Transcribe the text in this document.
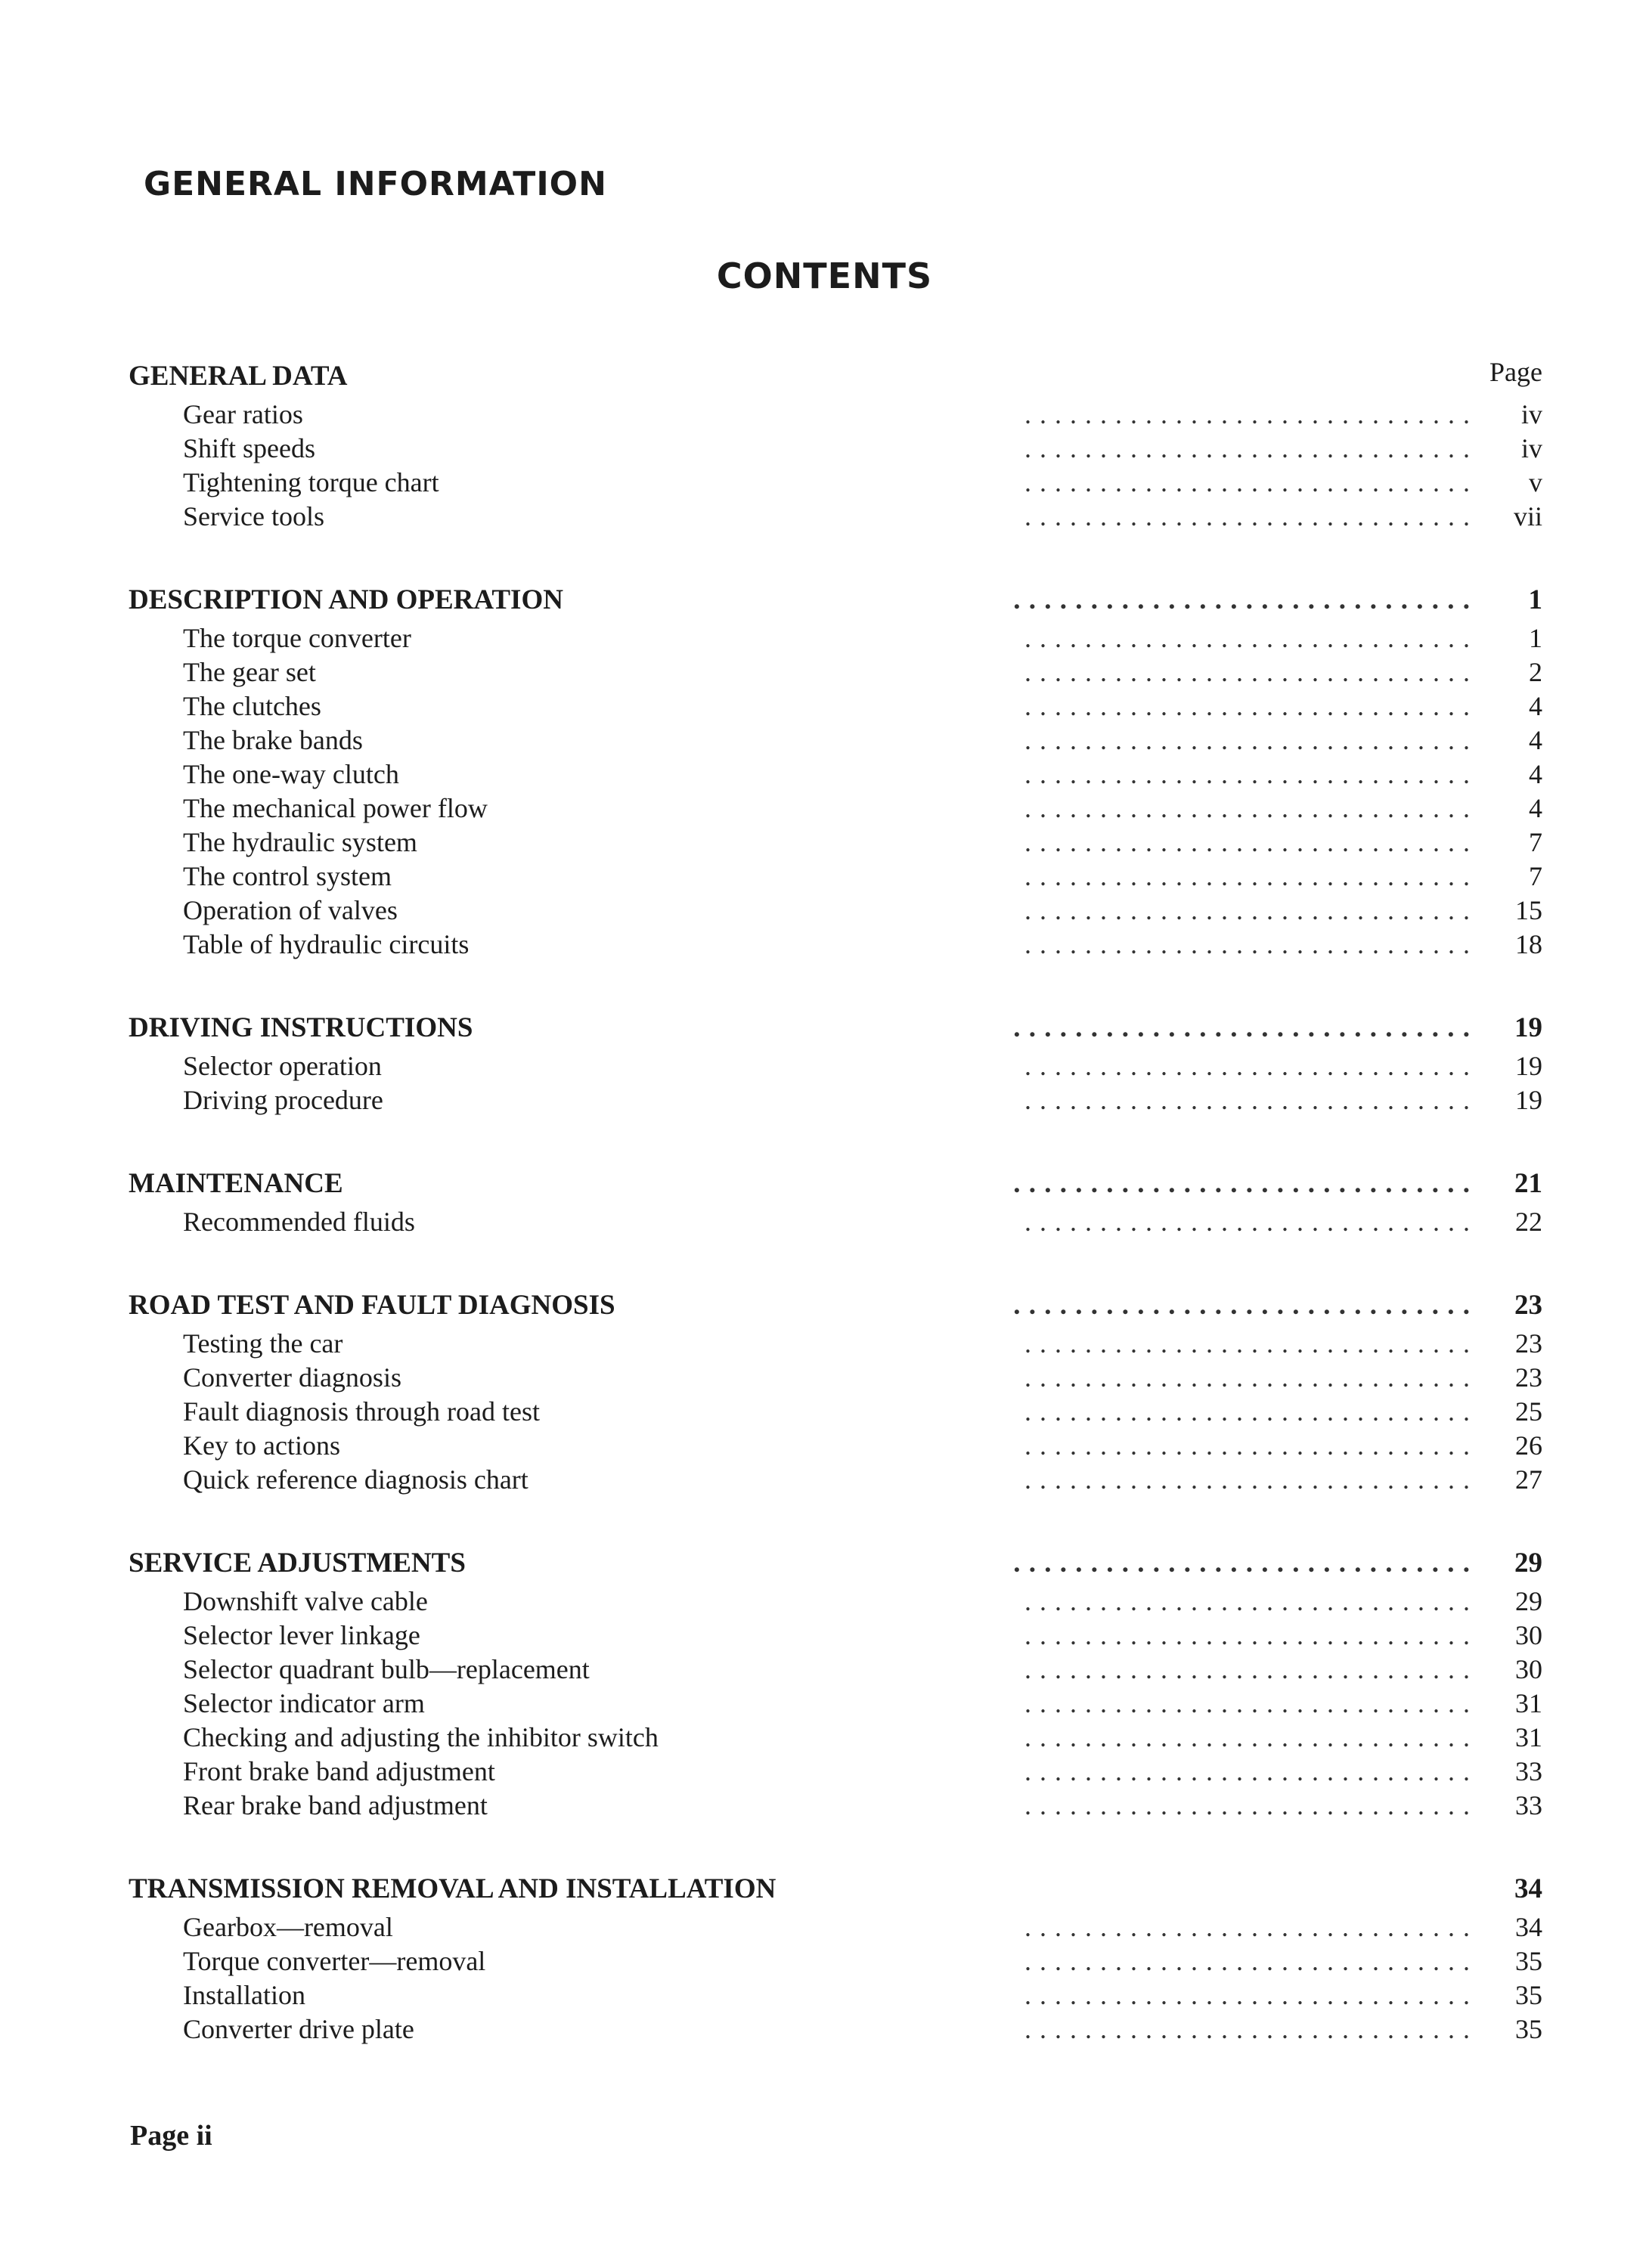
GENERAL INFORMATION
CONTENTS
Page
GENERAL DATA
Gear ratios	. . . . . . . . . . . . . . . . . . . . . . . . . . . . . .	iv
Shift speeds	. . . . . . . . . . . . . . . . . . . . . . . . . . . . . .	iv
Tightening torque chart	. . . . . . . . . . . . . . . . . . . . . . . . . . . . . .	v
Service tools	. . . . . . . . . . . . . . . . . . . . . . . . . . . . . .	vii
DESCRIPTION AND OPERATION	. . . . . . . . . . . . . . . . . . . . . . . . . . . . . .	1
The torque converter	. . . . . . . . . . . . . . . . . . . . . . . . . . . . . .	1
The gear set	. . . . . . . . . . . . . . . . . . . . . . . . . . . . . .	2
The clutches	. . . . . . . . . . . . . . . . . . . . . . . . . . . . . .	4
The brake bands	. . . . . . . . . . . . . . . . . . . . . . . . . . . . . .	4
The one-way clutch	. . . . . . . . . . . . . . . . . . . . . . . . . . . . . .	4
The mechanical power flow	. . . . . . . . . . . . . . . . . . . . . . . . . . . . . .	4
The hydraulic system	. . . . . . . . . . . . . . . . . . . . . . . . . . . . . .	7
The control system	. . . . . . . . . . . . . . . . . . . . . . . . . . . . . .	7
Operation of valves	. . . . . . . . . . . . . . . . . . . . . . . . . . . . . .	15
Table of hydraulic circuits	. . . . . . . . . . . . . . . . . . . . . . . . . . . . . .	18
DRIVING INSTRUCTIONS	. . . . . . . . . . . . . . . . . . . . . . . . . . . . . .	19
Selector operation	. . . . . . . . . . . . . . . . . . . . . . . . . . . . . .	19
Driving procedure	. . . . . . . . . . . . . . . . . . . . . . . . . . . . . .	19
MAINTENANCE	. . . . . . . . . . . . . . . . . . . . . . . . . . . . . .	21
Recommended fluids	. . . . . . . . . . . . . . . . . . . . . . . . . . . . . .	22
ROAD TEST AND FAULT DIAGNOSIS	. . . . . . . . . . . . . . . . . . . . . . . . . . . . . .	23
Testing the car	. . . . . . . . . . . . . . . . . . . . . . . . . . . . . .	23
Converter diagnosis	. . . . . . . . . . . . . . . . . . . . . . . . . . . . . .	23
Fault diagnosis through road test	. . . . . . . . . . . . . . . . . . . . . . . . . . . . . .	25
Key to actions	. . . . . . . . . . . . . . . . . . . . . . . . . . . . . .	26
Quick reference diagnosis chart	. . . . . . . . . . . . . . . . . . . . . . . . . . . . . .	27
SERVICE ADJUSTMENTS	. . . . . . . . . . . . . . . . . . . . . . . . . . . . . .	29
Downshift valve cable	. . . . . . . . . . . . . . . . . . . . . . . . . . . . . .	29
Selector lever linkage	. . . . . . . . . . . . . . . . . . . . . . . . . . . . . .	30
Selector quadrant bulb—replacement	. . . . . . . . . . . . . . . . . . . . . . . . . . . . . .	30
Selector indicator arm	. . . . . . . . . . . . . . . . . . . . . . . . . . . . . .	31
Checking and adjusting the inhibitor switch	. . . . . . . . . . . . . . . . . . . . . . . . . . . . . .	31
Front brake band adjustment	. . . . . . . . . . . . . . . . . . . . . . . . . . . . . .	33
Rear brake band adjustment	. . . . . . . . . . . . . . . . . . . . . . . . . . . . . .	33
TRANSMISSION REMOVAL AND INSTALLATION	34
Gearbox—removal	. . . . . . . . . . . . . . . . . . . . . . . . . . . . . .	34
Torque converter—removal	. . . . . . . . . . . . . . . . . . . . . . . . . . . . . .	35
Installation	. . . . . . . . . . . . . . . . . . . . . . . . . . . . . .	35
Converter drive plate	. . . . . . . . . . . . . . . . . . . . . . . . . . . . . .	35
Page ii
